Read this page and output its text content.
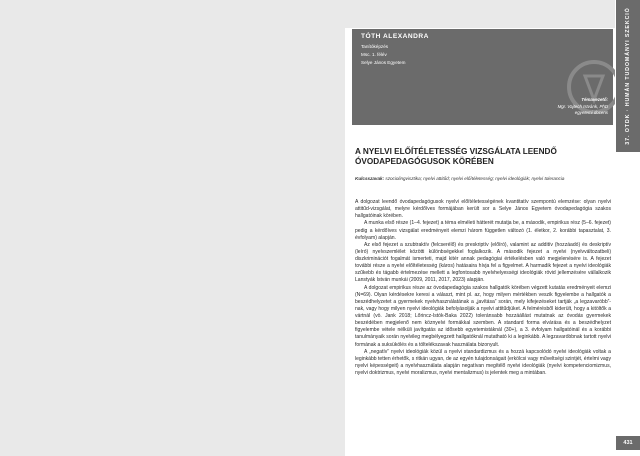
TÓTH ALEXANDRA
Tanítóképzés
Msc. 1. félév
Selye János Egyetem
Témavezető:
Mgr. Vajtech Istvánk, PhD
egyetemi docens	37. OTDK · HUMÁN TUDOMÁNYI SZEKCIÓ
A NYELVI ELŐÍTÉLETESSÉG VIZSGÁLATA LEENDŐ ÓVODAPEDAGÓGUSOK KÖRÉBEN
Kulcsszavak: szociolingvisztika; nyelvi attitűd; nyelvi előítéletesség; nyelvi ideológiák; nyelvi tolerancia

A dolgozat leendő óvodapedagógusok nyelvi előítéletességének kvantitatív szempontú elemzése: olyan nyelvi attitűd-vizsgálat, melyre kérdőíves formájában került sor a Selye János Egyetem óvodapedagógia szakos hallgatóinak körében.

A munka első része (1–4. fejezet) a téma elméleti hátterét mutatja be, a második, empirikus rész (5–6. fejezet) pedig a kérdőíves vizsgálat eredményeit elemzi három független változó (1. életkor, 2. korábbi tapasztalat, 3. évfolyam) alapján.

Az első fejezet a szubtraktív (felcserélő) és preskriptív (előíró), valamint az additív (hozzáadó) és deskriptív (leíró) nyelvszemlélet közötti különbségekkel foglalkozik. A második fejezet a nyelvi (nyelvváltozatbeli) diszkriminációt fogalmát ismerteti, majd kitér annak pedagógiai értékelésben való megjelenésére is. A fejezet további része a nyelvi előítéletesség (káros) hatásaira hívja fel a figyelmet. A harmadik fejezet a nyelvi ideológiák szűkebb és tágabb értelmezése mellett a legfontosabb nyelvhelyességi ideológiák rövid jellemzésére vállalkozik Lanstyák István munkái (2009, 2011, 2017, 2023) alapján.

A dolgozat empirikus része az óvodapedagógia szakos hallgatók körében végzett kutatás eredményeit elemzi (N=69). Olyan kérdésekre keresi a választ, mint pl. az, hogy milyen mértékben veszik figyelembe a hallgatók a beszédhelyzetet a gyermekek nyelvhasználatának a „javítása” során, mely kifejezéseket tartják „a legzavaróbb”-nak, vagy hogy milyen nyelvi ideológiák befolyásolják a nyelvi attitűdjüket. A felmérésből kiderült, hogy a kitöltők a vártnál (vö. Jank 2018; Lőrincz-Istók-Baka 2022) toleránsabb hozzáállást mutatnak az óvodás gyermekek beszédében megjelenő nem köznyelvi formákkal szemben. A standard forma elvárása és a beszédhelyzet figyelembe vétele nélküli javítgatás az idősebb egyetemistáknál (30+), a 3. évfolyam hallgatóinál és a korábbi tanulmányaik során nyelvileg megbélyegzett hallgatóknál mutatható ki a leginkább. A legzavaróbbnak tartott nyelvi formának a suksükölés és a töltelékszavak használata bizonyult.

A „negatív” nyelvi ideológiák közül a nyelvi standardizmus és a hozzá kapcsolódó nyelvi ideológiák voltak a leginkább tetten érhetők, s ritkán ugyan, de az egyén tulajdonságait (erkölcsi vagy műveltségi szintjét, értelmi vagy nyelvi képességeit) a nyelvhasználata alapján negatívan megítélő nyelvi ideológiák (nyelvi kompetenciomizmus, nyelvi doktrizmus, nyelvi moralizmus, nyelvi mentalizmus) is jelentek meg a mintában.

431
